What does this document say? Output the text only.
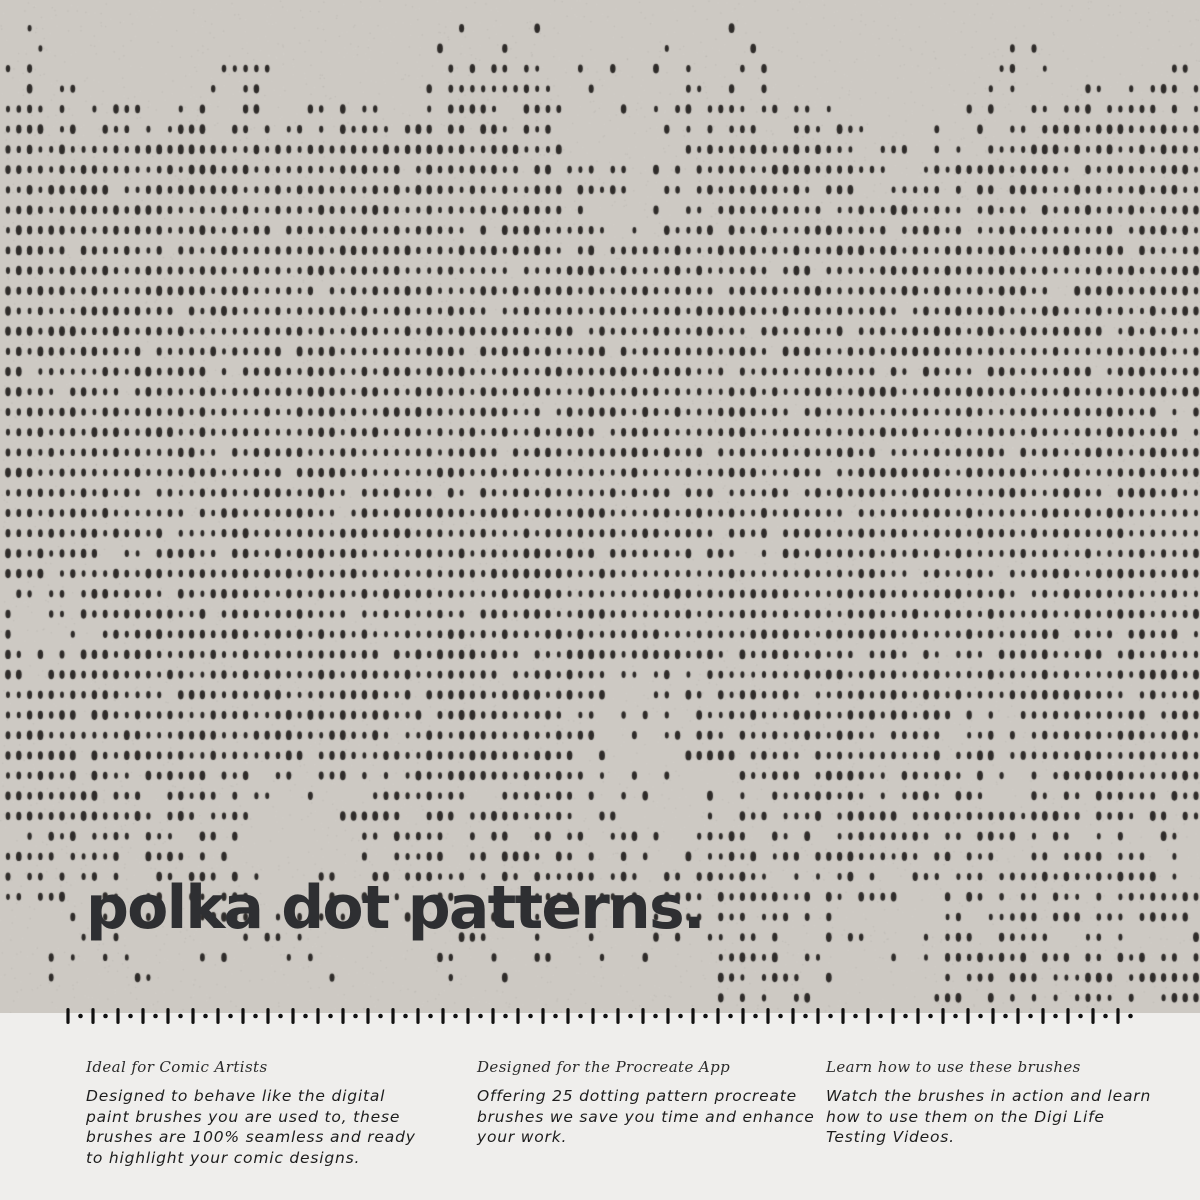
polka dot patterns.
Ideal for Comic Artists
Designed to behave like the digital paint brushes you are used to, these brushes are 100% seamless and ready to highlight your comic designs.
Designed for the Procreate App
Offering 25 dotting pattern procreate brushes we save you time and enhance your work.
Learn how to use these brushes
Watch the brushes in action and learn how to use them on the Digi Life Testing Videos.
